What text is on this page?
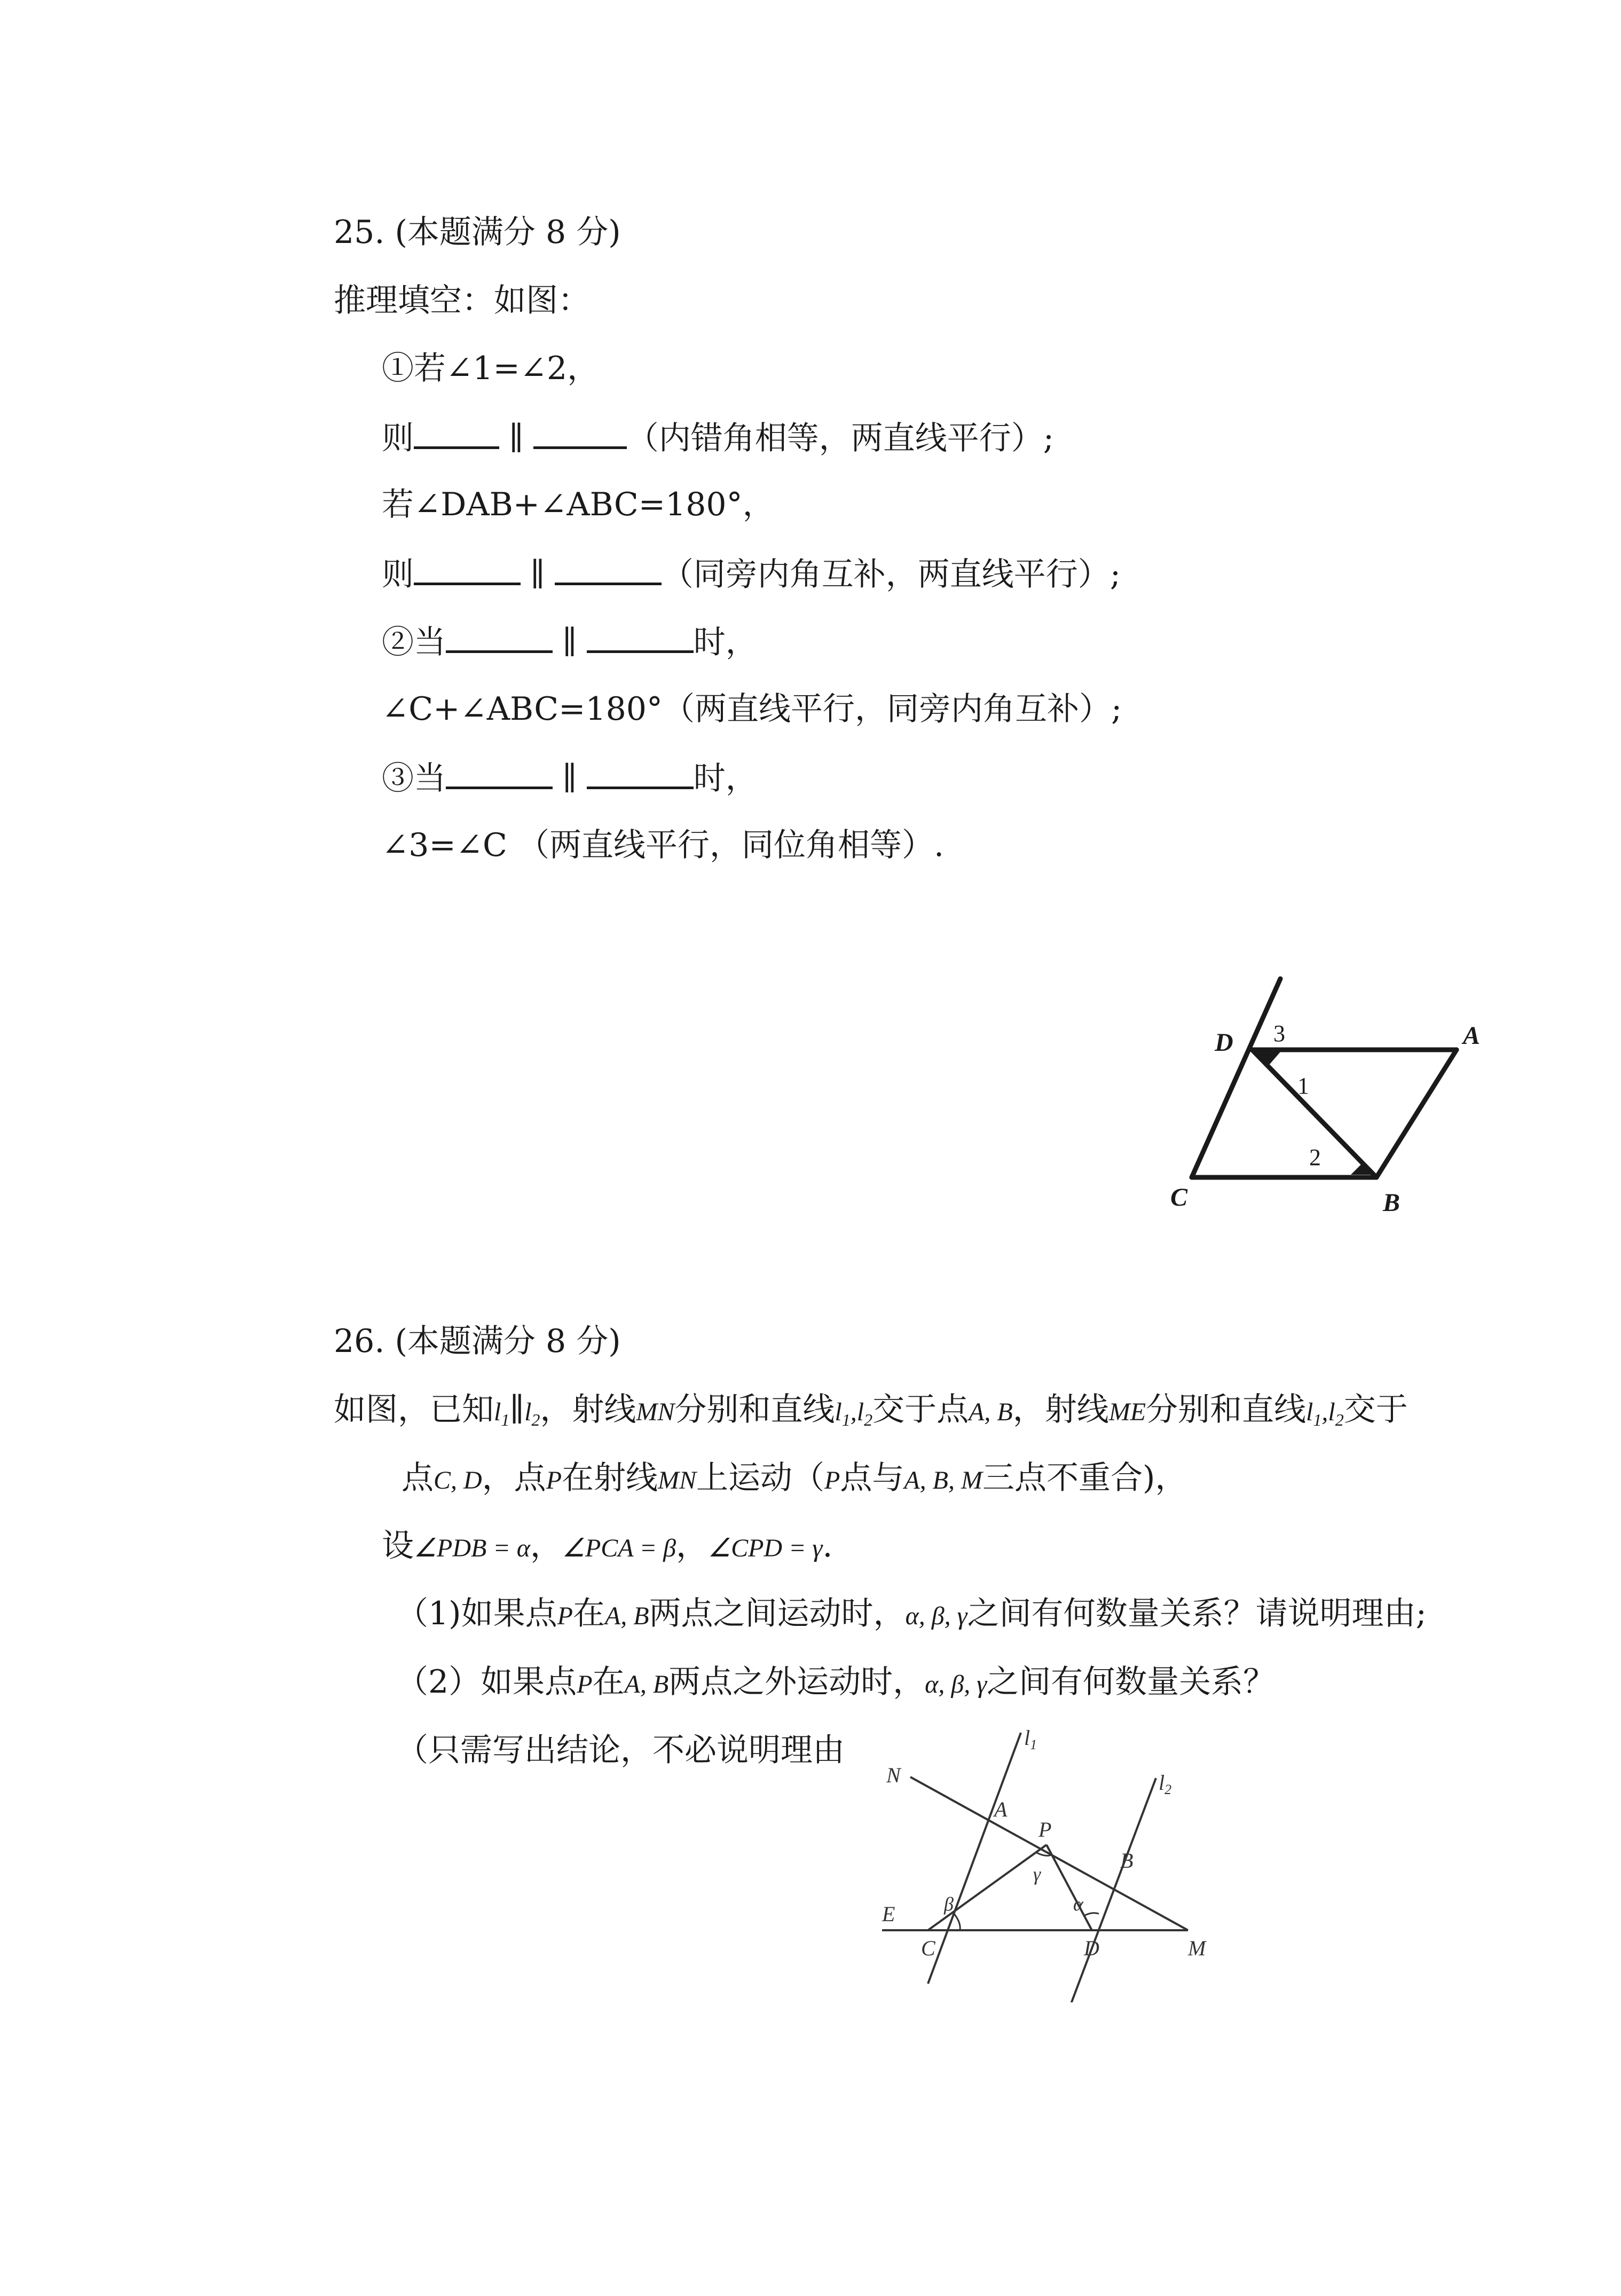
25. (本题满分 8 分)
推理填空：如图：
①若∠1=∠2，
则	∥	（内错角相等，两直线平行）;
若∠DAB+∠ABC=180°，
则	∥	（同旁内角互补，两直线平行）;
②当	∥	时，
∠C+∠ABC=180°（两直线平行，同旁内角互补）;
③当	∥	时，
∠3=∠C （两直线平行，同位角相等）.
D	A
C	B
3
1
2
26. (本题满分 8 分)
如图，已知$l_1\parallel l_2$，射线MN分别和直线$l_1,l_2$交于点A, B，射线ME分别和直线$l_1,l_2$交于
点C, D，点P在射线MN上运动（P点与A, B, M三点不重合)，
设∠PDB = α，∠PCA = β，∠CPD = γ.
（1)如果点P在A, B两点之间运动时，α, β, γ之间有何数量关系？请说明理由;
（2）如果点P在A, B两点之外运动时，α, β, γ之间有何数量关系？
（只需写出结论，不必说明理由	$l_1$
$l_2$
N
A
P
B
E
C	D	M
β
γ
α
